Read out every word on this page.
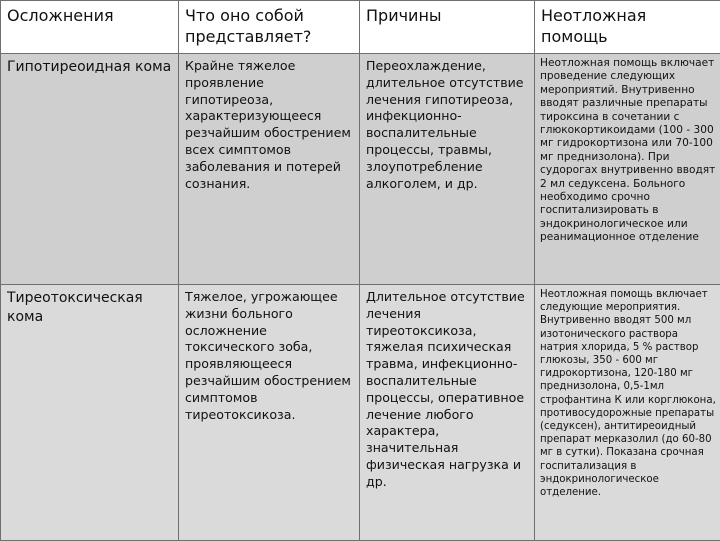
Осложнения	Что оно собой представляет?	Причины	Неотложная помощь
Гипотиреоидная кома	Крайне тяжелое проявление гипотиреоза, характеризующееся резчайшим обострением всех симптомов заболевания и потерей сознания.	Переохлаждение, длительное отсутствие лечения гипотиреоза, инфекционно-воспалительные процессы, травмы, злоупотребление алкоголем, и др.	Неотложная помощь включает проведение следующих мероприятий. Внутривенно вводят различные препараты тироксина в сочетании с глюкокортикоидами (100 - 300 мг гидрокортизона или 70-100 мг преднизолона). При судорогах внутривенно вводят 2 мл седуксена. Больного необходимо срочно госпитализировать в эндокринологическое или реанимационное отделение
Тиреотоксическая кома	Тяжелое, угрожающее жизни больного осложнение токсического зоба, проявляющееся резчайшим обострением симптомов тиреотоксикоза.	Длительное отсутствие лечения тиреотоксикоза, тяжелая психическая травма, инфекционно-воспалительные процессы, оперативное лечение любого характера, значительная физическая нагрузка и др.	Неотложная помощь включает следующие мероприятия. Внутривенно вводят 500 мл изотонического раствора натрия хлорида, 5 % раствор глюкозы, 350 - 600 мг гидрокортизона, 120-180 мг преднизолона, 0,5-1мл строфантина К или корглюкона, противосудорожные препараты (седуксен), антитиреоидный препарат мерказолил (до 60-80 мг в сутки). Показана срочная госпитализация в эндокринологическое отделение.
